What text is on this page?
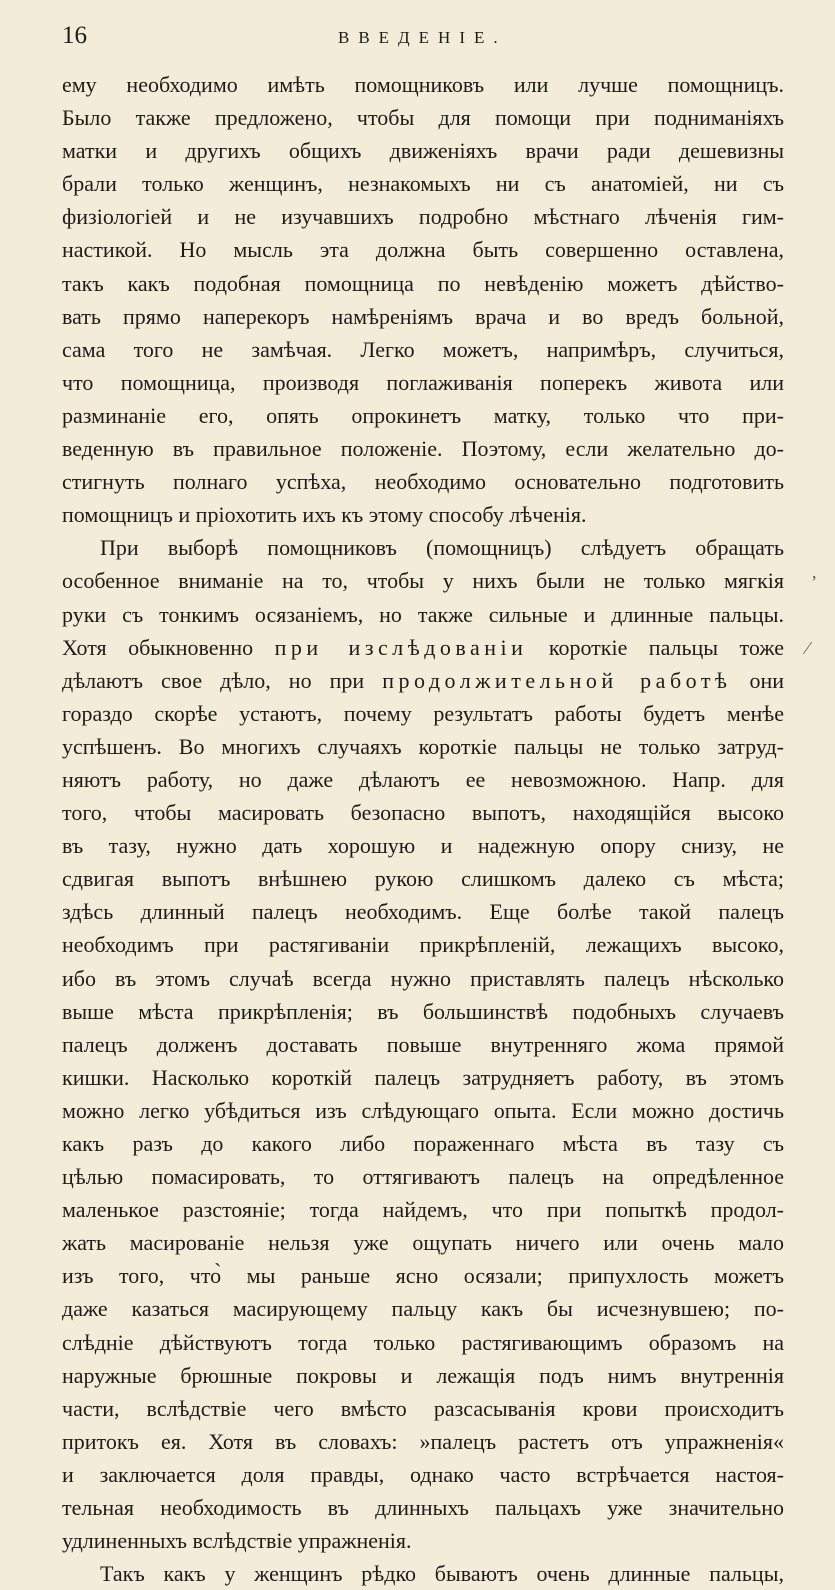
16	ВВЕДЕНІЕ.
ему необходимо имѣть помощниковъ или лучше помощницъ.
Было также предложено, чтобы для помощи при подниманіяхъ
матки и другихъ общихъ движеніяхъ врачи ради дешевизны
брали только женщинъ, незнакомыхъ ни съ анатоміей, ни съ
физіологіей и не изучавшихъ подробно мѣстнаго лѣченія гим-
настикой. Но мысль эта должна быть совершенно оставлена,
такъ какъ подобная помощница по невѣденію можетъ дѣйство-
вать прямо наперекоръ намѣреніямъ врача и во вредъ больной,
сама того не замѣчая. Легко можетъ, напримѣръ, случиться,
что помощница, производя поглаживанія поперекъ живота или
разминаніе его, опять опрокинетъ матку, только что при-
веденную въ правильное положеніе. Поэтому, если желательно до-
стигнуть полнаго успѣха, необходимо основательно подготовить
помощницъ и пріохотить ихъ къ этому способу лѣченія.
При выборѣ помощниковъ (помощницъ) слѣдуетъ обращать
особенное вниманіе на то, чтобы у нихъ были не только мягкія
руки съ тонкимъ осязаніемъ, но также сильные и длинные пальцы.
Хотя обыкновенно при изслѣдованіи короткіе пальцы тоже
дѣлаютъ свое дѣло, но при продолжительной работѣ они
гораздо скорѣе устаютъ, почему результатъ работы будетъ менѣе
успѣшенъ. Во многихъ случаяхъ короткіе пальцы не только затруд-
няютъ работу, но даже дѣлаютъ ее невозможною. Напр. для
того, чтобы масировать безопасно выпотъ, находящійся высоко
въ тазу, нужно дать хорошую и надежную опору снизу, не
сдвигая выпотъ внѣшнею рукою слишкомъ далеко съ мѣста;
здѣсь длинный палецъ необходимъ. Еще болѣе такой палецъ
необходимъ при растягиваніи прикрѣпленій, лежащихъ высоко,
ибо въ этомъ случаѣ всегда нужно приставлять палецъ нѣсколько
выше мѣста прикрѣпленія; въ большинствѣ подобныхъ случаевъ
палецъ долженъ доставать повыше внутренняго жома прямой
кишки. Насколько короткій палецъ затрудняетъ работу, въ этомъ
можно легко убѣдиться изъ слѣдующаго опыта. Если можно достичь
какъ разъ до какого либо пораженнаго мѣста въ тазу съ
цѣлью помасировать, то оттягиваютъ палецъ на опредѣленное
маленькое разстояніе; тогда найдемъ, что при попыткѣ продол-
жать масированіе нельзя уже ощупать ничего или очень мало
изъ того, что̀ мы раньше ясно осязали; припухлость можетъ
даже казаться масирующему пальцу какъ бы исчезнувшею; по-
слѣдніе дѣйствуютъ тогда только растягивающимъ образомъ на
наружные брюшные покровы и лежащія подъ нимъ внутреннія
части, вслѣдствіе чего вмѣсто разсасыванія крови происходитъ
притокъ ея. Хотя въ словахъ: »палецъ растетъ отъ упражненія«
и заключается доля правды, однако часто встрѣчается настоя-
тельная необходимость въ длинныхъ пальцахъ уже значительно
удлиненныхъ вслѣдствіе упражненія.
Такъ какъ у женщинъ рѣдко бываютъ очень длинные пальцы,
,
⁄
